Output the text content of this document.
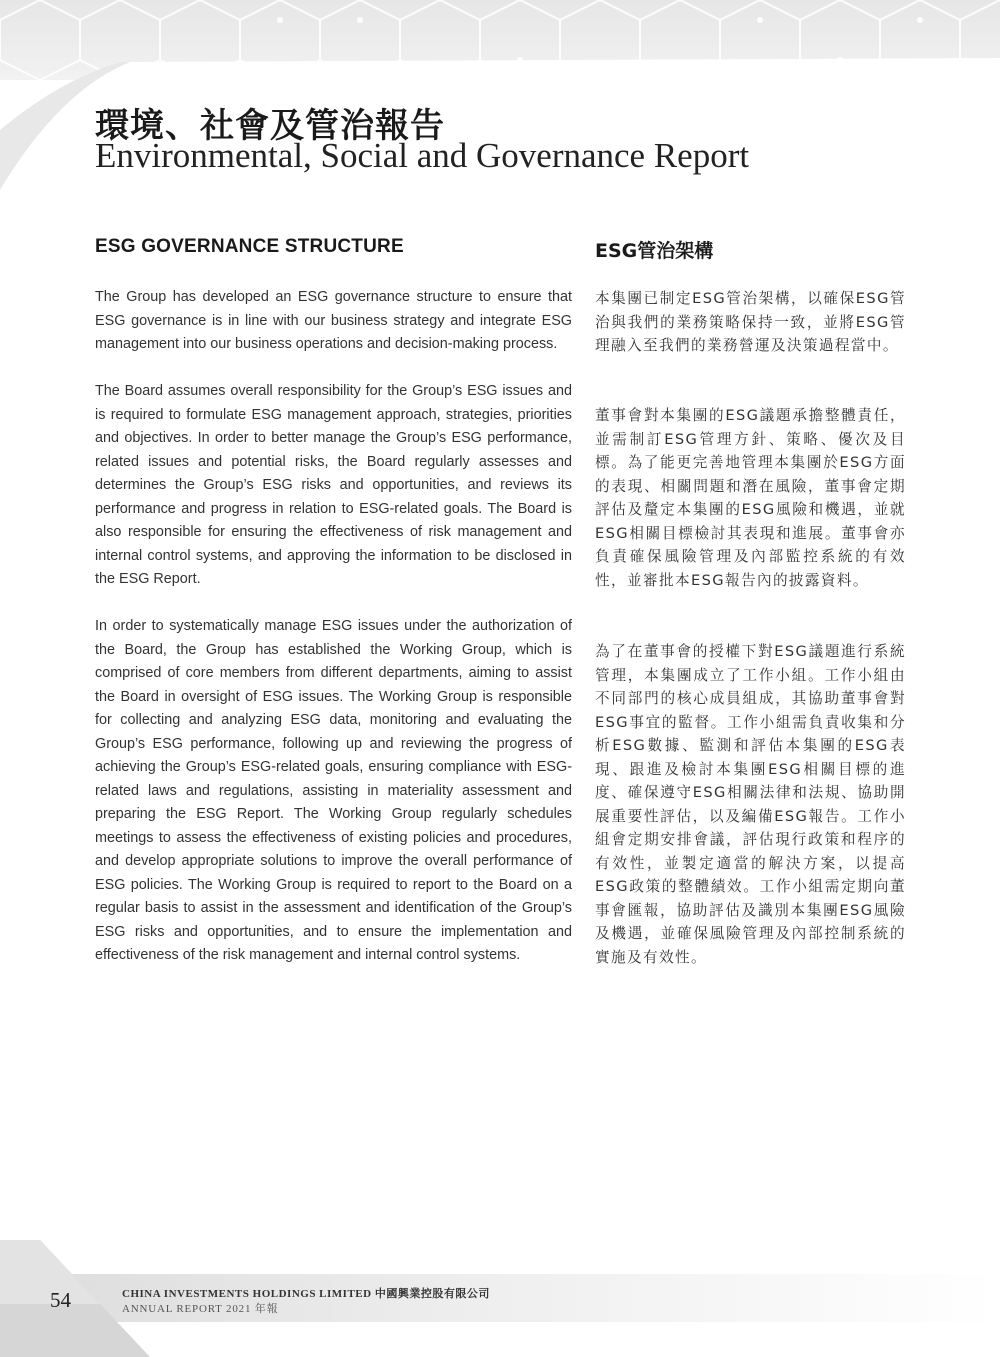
環境、社會及管治報告
Environmental, Social and Governance Report
ESG GOVERNANCE STRUCTURE

The Group has developed an ESG governance structure to ensure that ESG governance is in line with our business strategy and integrate ESG management into our business operations and decision-making process.

The Board assumes overall responsibility for the Group’s ESG issues and is required to formulate ESG management approach, strategies, priorities and objectives. In order to better manage the Group’s ESG performance, related issues and potential risks, the Board regularly assesses and determines the Group’s ESG risks and opportunities, and reviews its performance and progress in relation to ESG-related goals. The Board is also responsible for ensuring the effectiveness of risk management and internal control systems, and approving the information to be disclosed in the ESG Report.

In order to systematically manage ESG issues under the authorization of the Board, the Group has established the Working Group, which is comprised of core members from different departments, aiming to assist the Board in oversight of ESG issues. The Working Group is responsible for collecting and analyzing ESG data, monitoring and evaluating the Group’s ESG performance, following up and reviewing the progress of achieving the Group’s ESG-related goals, ensuring compliance with ESG-related laws and regulations, assisting in materiality assessment and preparing the ESG Report. The Working Group regularly schedules meetings to assess the effectiveness of existing policies and procedures, and develop appropriate solutions to improve the overall performance of ESG policies. The Working Group is required to report to the Board on a regular basis to assist in the assessment and identification of the Group’s ESG risks and opportunities, and to ensure the implementation and effectiveness of the risk management and internal control systems.

ESG管治架構

本集團已制定ESG管治架構，以確保ESG管治與我們的業務策略保持一致，並將ESG管理融入至我們的業務營運及決策過程當中。

董事會對本集團的ESG議題承擔整體責任，並需制訂ESG管理方針、策略、優次及目標。為了能更完善地管理本集團於ESG方面的表現、相關問題和潛在風險，董事會定期評估及釐定本集團的ESG風險和機遇，並就ESG相關目標檢討其表現和進展。董事會亦負責確保風險管理及內部監控系統的有效性，並審批本ESG報告內的披露資料。

為了在董事會的授權下對ESG議題進行系統管理，本集團成立了工作小組。工作小組由不同部門的核心成員組成，其協助董事會對ESG事宜的監督。工作小組需負責收集和分析ESG數據、監測和評估本集團的ESG表現、跟進及檢討本集團ESG相關目標的進度、確保遵守ESG相關法律和法規、協助開展重要性評估，以及編備ESG報告。工作小組會定期安排會議，評估現行政策和程序的有效性，並製定適當的解決方案，以提高ESG政策的整體績效。工作小組需定期向董事會匯報，協助評估及識別本集團ESG風險及機遇，並確保風險管理及內部控制系統的實施及有效性。

54	CHINA INVESTMENTS HOLDINGS LIMITED 中國興業控股有限公司

ANNUAL REPORT 2021 年報
